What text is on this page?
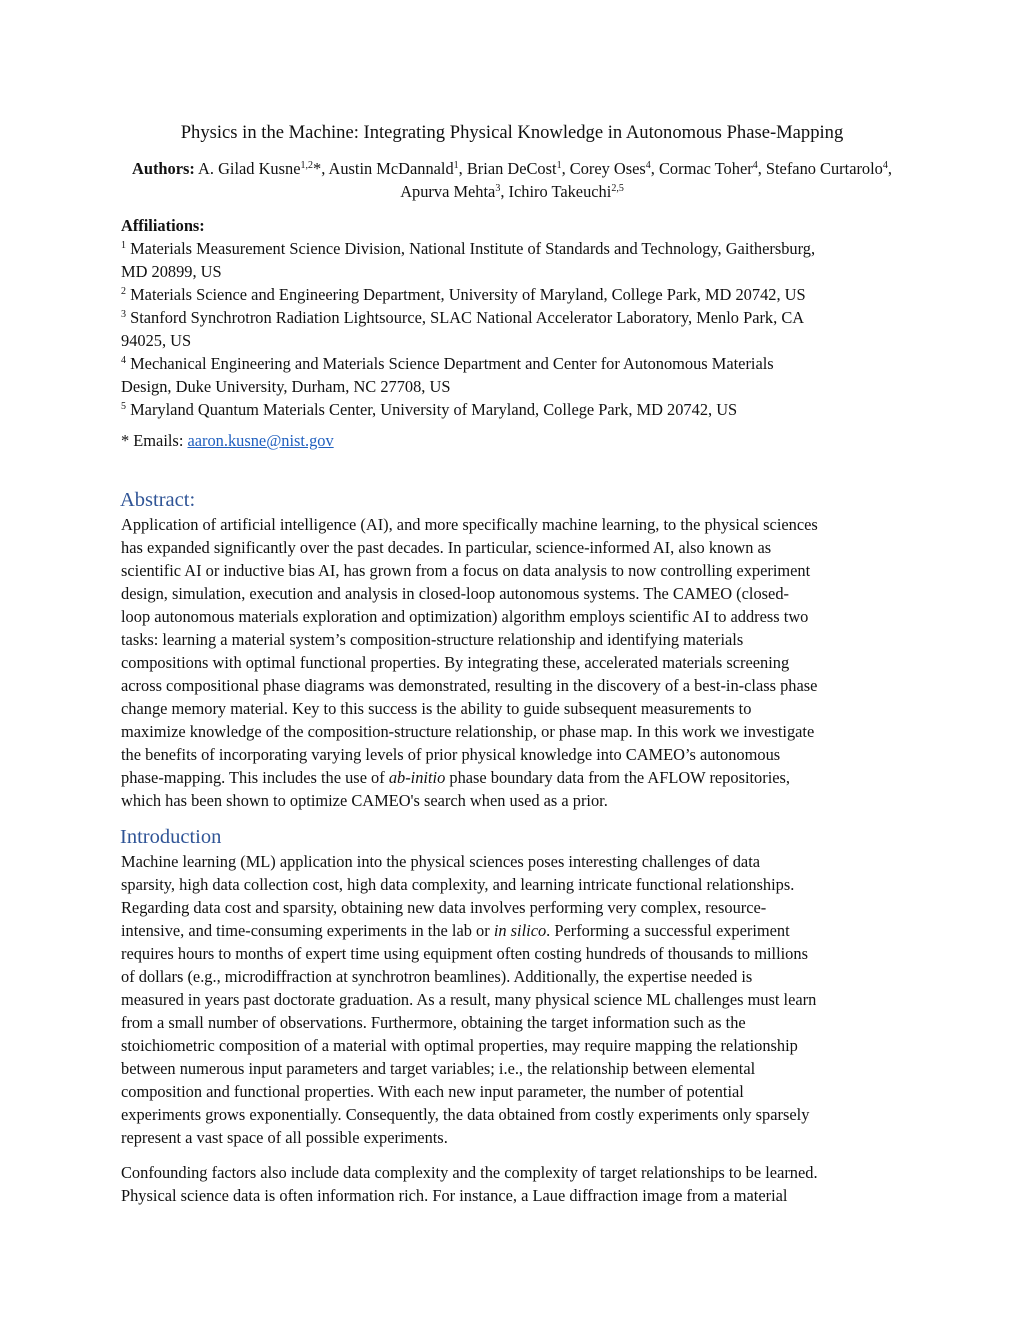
Physics in the Machine: Integrating Physical Knowledge in Autonomous Phase-Mapping
Authors: A. Gilad Kusne$^{1,2}$*, Austin McDannald$^1$, Brian DeCost$^1$, Corey Oses$^4$, Cormac Toher$^4$, Stefano Curtarolo$^4$, Apurva Mehta$^3$, Ichiro Takeuchi$^{2,5}$
Affiliations:
$^1$ Materials Measurement Science Division, National Institute of Standards and Technology, Gaithersburg,
MD 20899, US
$^2$ Materials Science and Engineering Department, University of Maryland, College Park, MD 20742, US
$^3$ Stanford Synchrotron Radiation Lightsource, SLAC National Accelerator Laboratory, Menlo Park, CA
94025, US
$^4$ Mechanical Engineering and Materials Science Department and Center for Autonomous Materials
Design, Duke University, Durham, NC 27708, US
$^5$ Maryland Quantum Materials Center, University of Maryland, College Park, MD 20742, US
* Emails: aaron.kusne@nist.gov
Abstract:
Application of artificial intelligence (AI), and more specifically machine learning, to the physical sciences
has expanded significantly over the past decades. In particular, science-informed AI, also known as
scientific AI or inductive bias AI, has grown from a focus on data analysis to now controlling experiment
design, simulation, execution and analysis in closed-loop autonomous systems. The CAMEO (closed-
loop autonomous materials exploration and optimization) algorithm employs scientific AI to address two
tasks: learning a material system’s composition-structure relationship and identifying materials
compositions with optimal functional properties. By integrating these, accelerated materials screening
across compositional phase diagrams was demonstrated, resulting in the discovery of a best-in-class phase
change memory material. Key to this success is the ability to guide subsequent measurements to
maximize knowledge of the composition-structure relationship, or phase map. In this work we investigate
the benefits of incorporating varying levels of prior physical knowledge into CAMEO’s autonomous
phase-mapping. This includes the use of ab-initio phase boundary data from the AFLOW repositories,
which has been shown to optimize CAMEO's search when used as a prior.
Introduction
Machine learning (ML) application into the physical sciences poses interesting challenges of data
sparsity, high data collection cost, high data complexity, and learning intricate functional relationships.
Regarding data cost and sparsity, obtaining new data involves performing very complex, resource-
intensive, and time-consuming experiments in the lab or in silico. Performing a successful experiment
requires hours to months of expert time using equipment often costing hundreds of thousands to millions
of dollars (e.g., microdiffraction at synchrotron beamlines). Additionally, the expertise needed is
measured in years past doctorate graduation. As a result, many physical science ML challenges must learn
from a small number of observations. Furthermore, obtaining the target information such as the
stoichiometric composition of a material with optimal properties, may require mapping the relationship
between numerous input parameters and target variables; i.e., the relationship between elemental
composition and functional properties. With each new input parameter, the number of potential
experiments grows exponentially. Consequently, the data obtained from costly experiments only sparsely
represent a vast space of all possible experiments.
Confounding factors also include data complexity and the complexity of target relationships to be learned.
Physical science data is often information rich. For instance, a Laue diffraction image from a material
